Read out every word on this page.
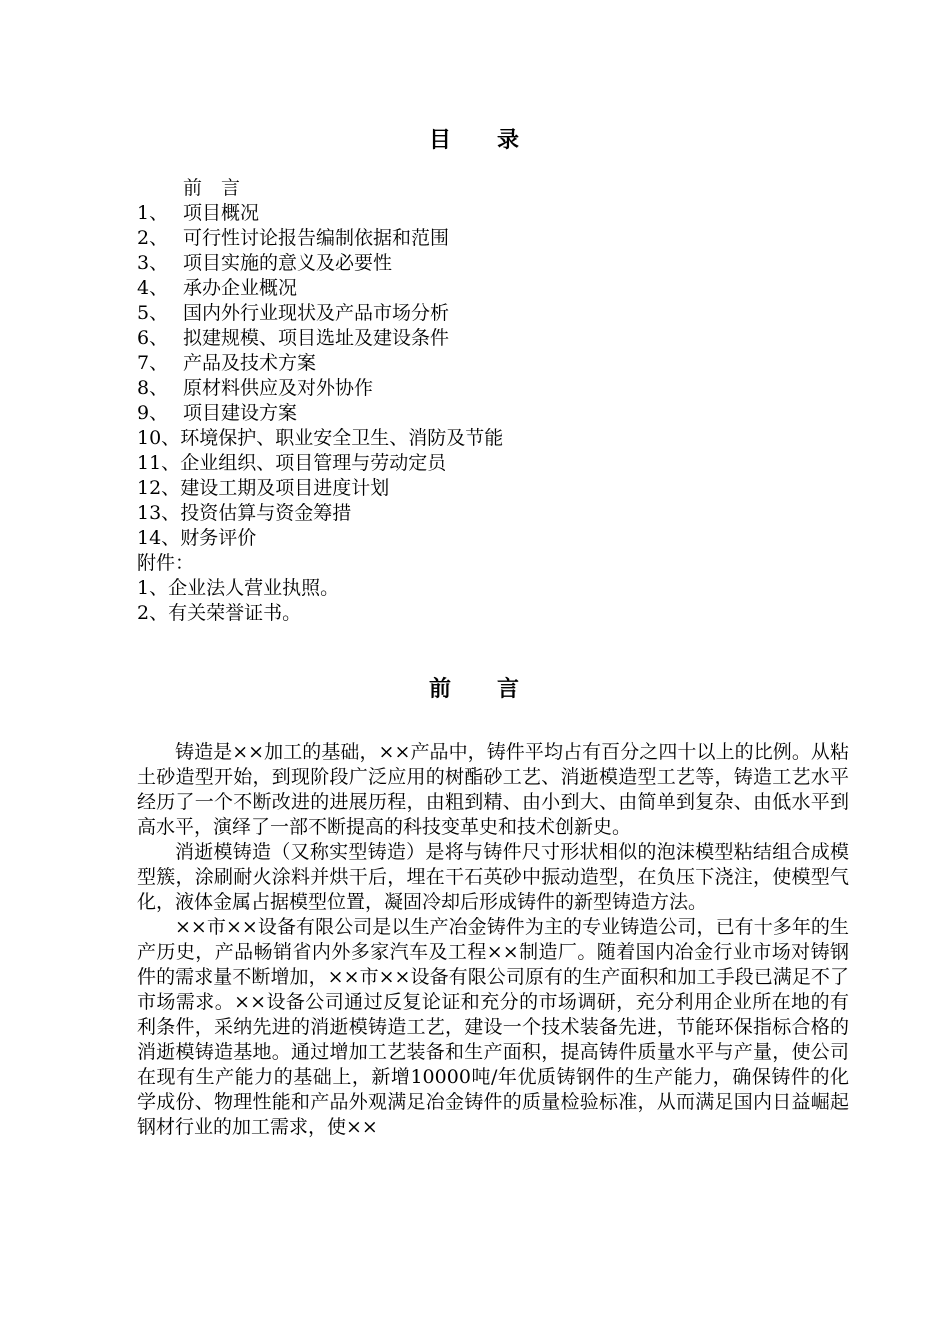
目 录
前　言
1、 项目概况
2、 可行性讨论报告编制依据和范围
3、 项目实施的意义及必要性
4、 承办企业概况
5、 国内外行业现状及产品市场分析
6、 拟建规模、项目选址及建设条件
7、 产品及技术方案
8、 原材料供应及对外协作
9、 项目建设方案
10、环境保护、职业安全卫生、消防及节能
11、企业组织、项目管理与劳动定员
12、建设工期及项目进度计划
13、投资估算与资金筹措
14、财务评价
附件：
1、企业法人营业执照。
2、有关荣誉证书。
前 言

铸造是××加工的基础，××产品中，铸件平均占有百分之四十以上的比例。从粘土砂造型开始，到现阶段广泛应用的树酯砂工艺、消逝模造型工艺等，铸造工艺水平经历了一个不断改进的进展历程，由粗到精、由小到大、由简单到复杂、由低水平到高水平，演绎了一部不断提高的科技变革史和技术创新史。

消逝模铸造（又称实型铸造）是将与铸件尺寸形状相似的泡沫模型粘结组合成模型簇，涂刷耐火涂料并烘干后，埋在干石英砂中振动造型，在负压下浇注，使模型气化，液体金属占据模型位置，凝固冷却后形成铸件的新型铸造方法。

××市××设备有限公司是以生产冶金铸件为主的专业铸造公司，已有十多年的生产历史，产品畅销省内外多家汽车及工程××制造厂。随着国内冶金行业市场对铸钢件的需求量不断增加，××市××设备有限公司原有的生产面积和加工手段已满足不了市场需求。××设备公司通过反复论证和充分的市场调研，充分利用企业所在地的有利条件，采纳先进的消逝模铸造工艺，建设一个技术装备先进，节能环保指标合格的消逝模铸造基地。通过增加工艺装备和生产面积，提高铸件质量水平与产量，使公司在现有生产能力的基础上，新增10000吨/年优质铸钢件的生产能力，确保铸件的化学成份、物理性能和产品外观满足冶金铸件的质量检验标准，从而满足国内日益崛起钢材行业的加工需求，使××
